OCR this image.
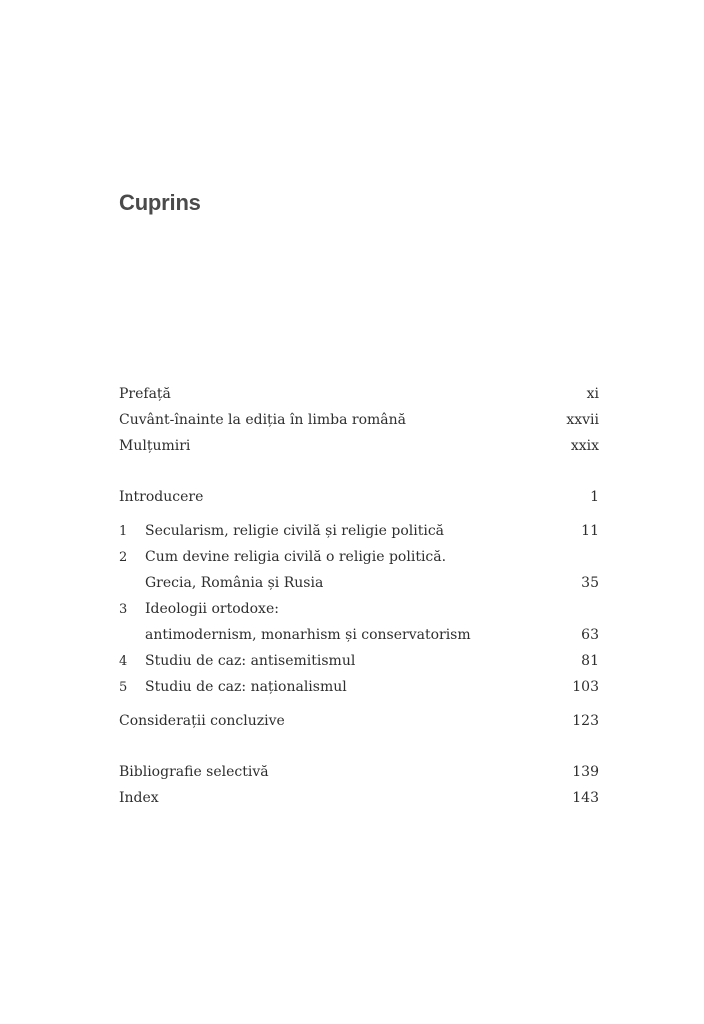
Cuprins
Prefață	xi
Cuvânt-înainte la ediția în limba română	xxvii
Mulțumiri	xxix
Introducere	1
1	Secularism, religie civilă și religie politică	11
2	Cum devine religia civilă o religie politică.
Grecia, România și Rusia	35
3	Ideologii ortodoxe:
antimodernism, monarhism și conservatorism	63
4	Studiu de caz: antisemitismul	81
5	Studiu de caz: naționalismul	103
Considerații concluzive	123
Bibliografie selectivă	139
Index	143
